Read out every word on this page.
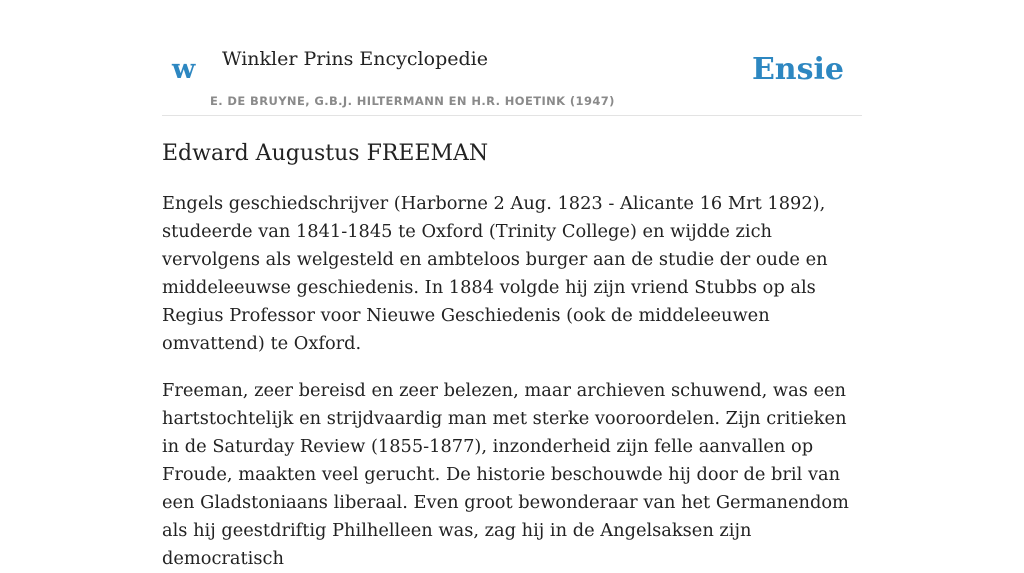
w Winkler Prins Encyclopedie
E. DE BRUYNE, G.B.J. HILTERMANN EN H.R. HOETINK (1947)
Ensie
Edward Augustus FREEMAN

Engels geschiedschrijver (Harborne 2 Aug. 1823 - Alicante 16 Mrt 1892), studeerde van 1841-1845 te Oxford (Trinity College) en wijdde zich vervolgens als welgesteld en ambteloos burger aan de studie der oude en middeleeuwse geschiedenis. In 1884 volgde hij zijn vriend Stubbs op als Regius Professor voor Nieuwe Geschiedenis (ook de middeleeuwen omvattend) te Oxford.

Freeman, zeer bereisd en zeer belezen, maar archieven schuwend, was een hartstochtelijk en strijdvaardig man met sterke vooroordelen. Zijn critieken in de Saturday Review (1855-1877), inzonderheid zijn felle aanvallen op Froude, maakten veel gerucht. De historie beschouwde hij door de bril van een Gladstoniaans liberaal. Even groot bewonderaar van het Germanendom als hij geestdriftig Philhelleen was, zag hij in de Angelsaksen zijn democratisch
